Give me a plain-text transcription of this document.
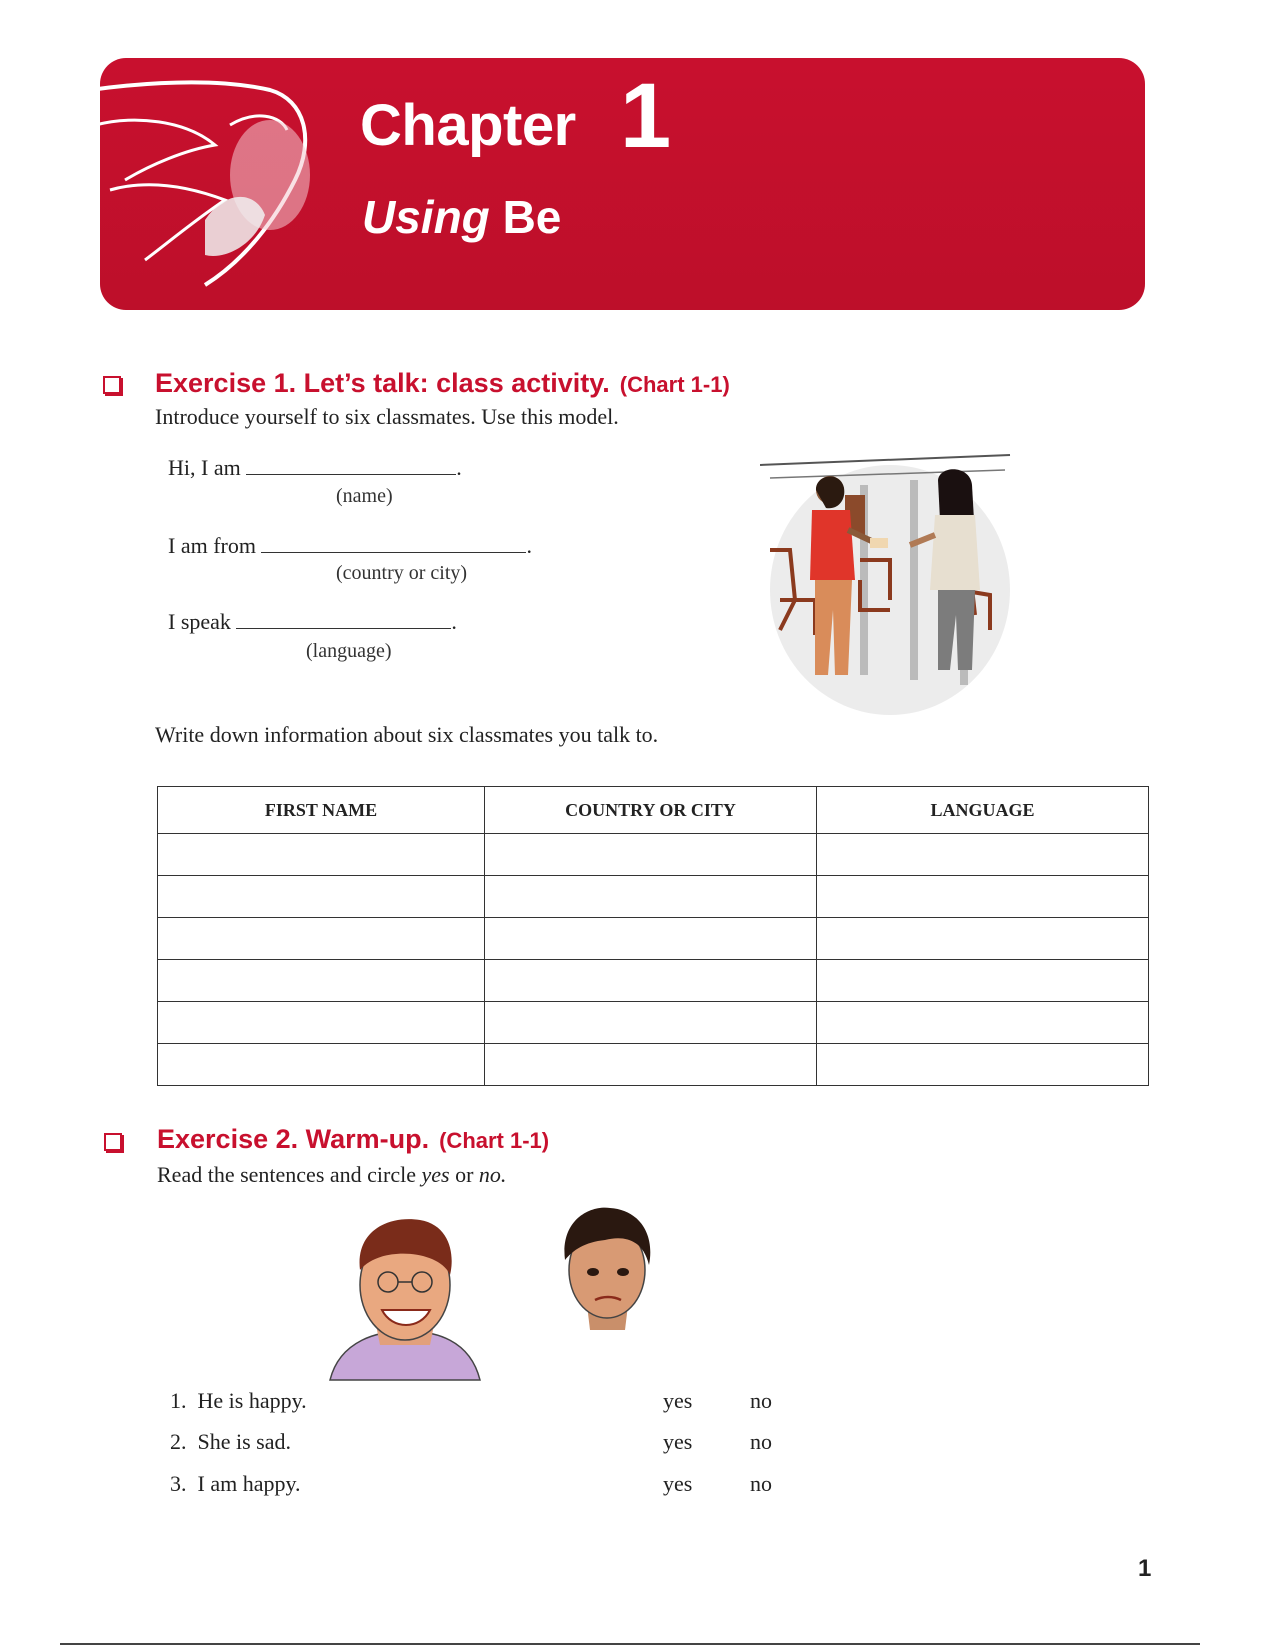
Chapter 1
Using Be
Exercise 1. Let’s talk: class activity. (Chart 1-1)
Introduce yourself to six classmates. Use this model.
Hi, I am	.
(name)
I am from	.
(country or city)
I speak	.
(language)
Write down information about six classmates you talk to.
FIRST NAME	COUNTRY OR CITY	LANGUAGE

Exercise 2. Warm-up. (Chart 1-1)
Read the sentences and circle yes or no.
1. He is happy.	yes	no
2. She is sad.	yes	no
3. I am happy.	yes	no
1
